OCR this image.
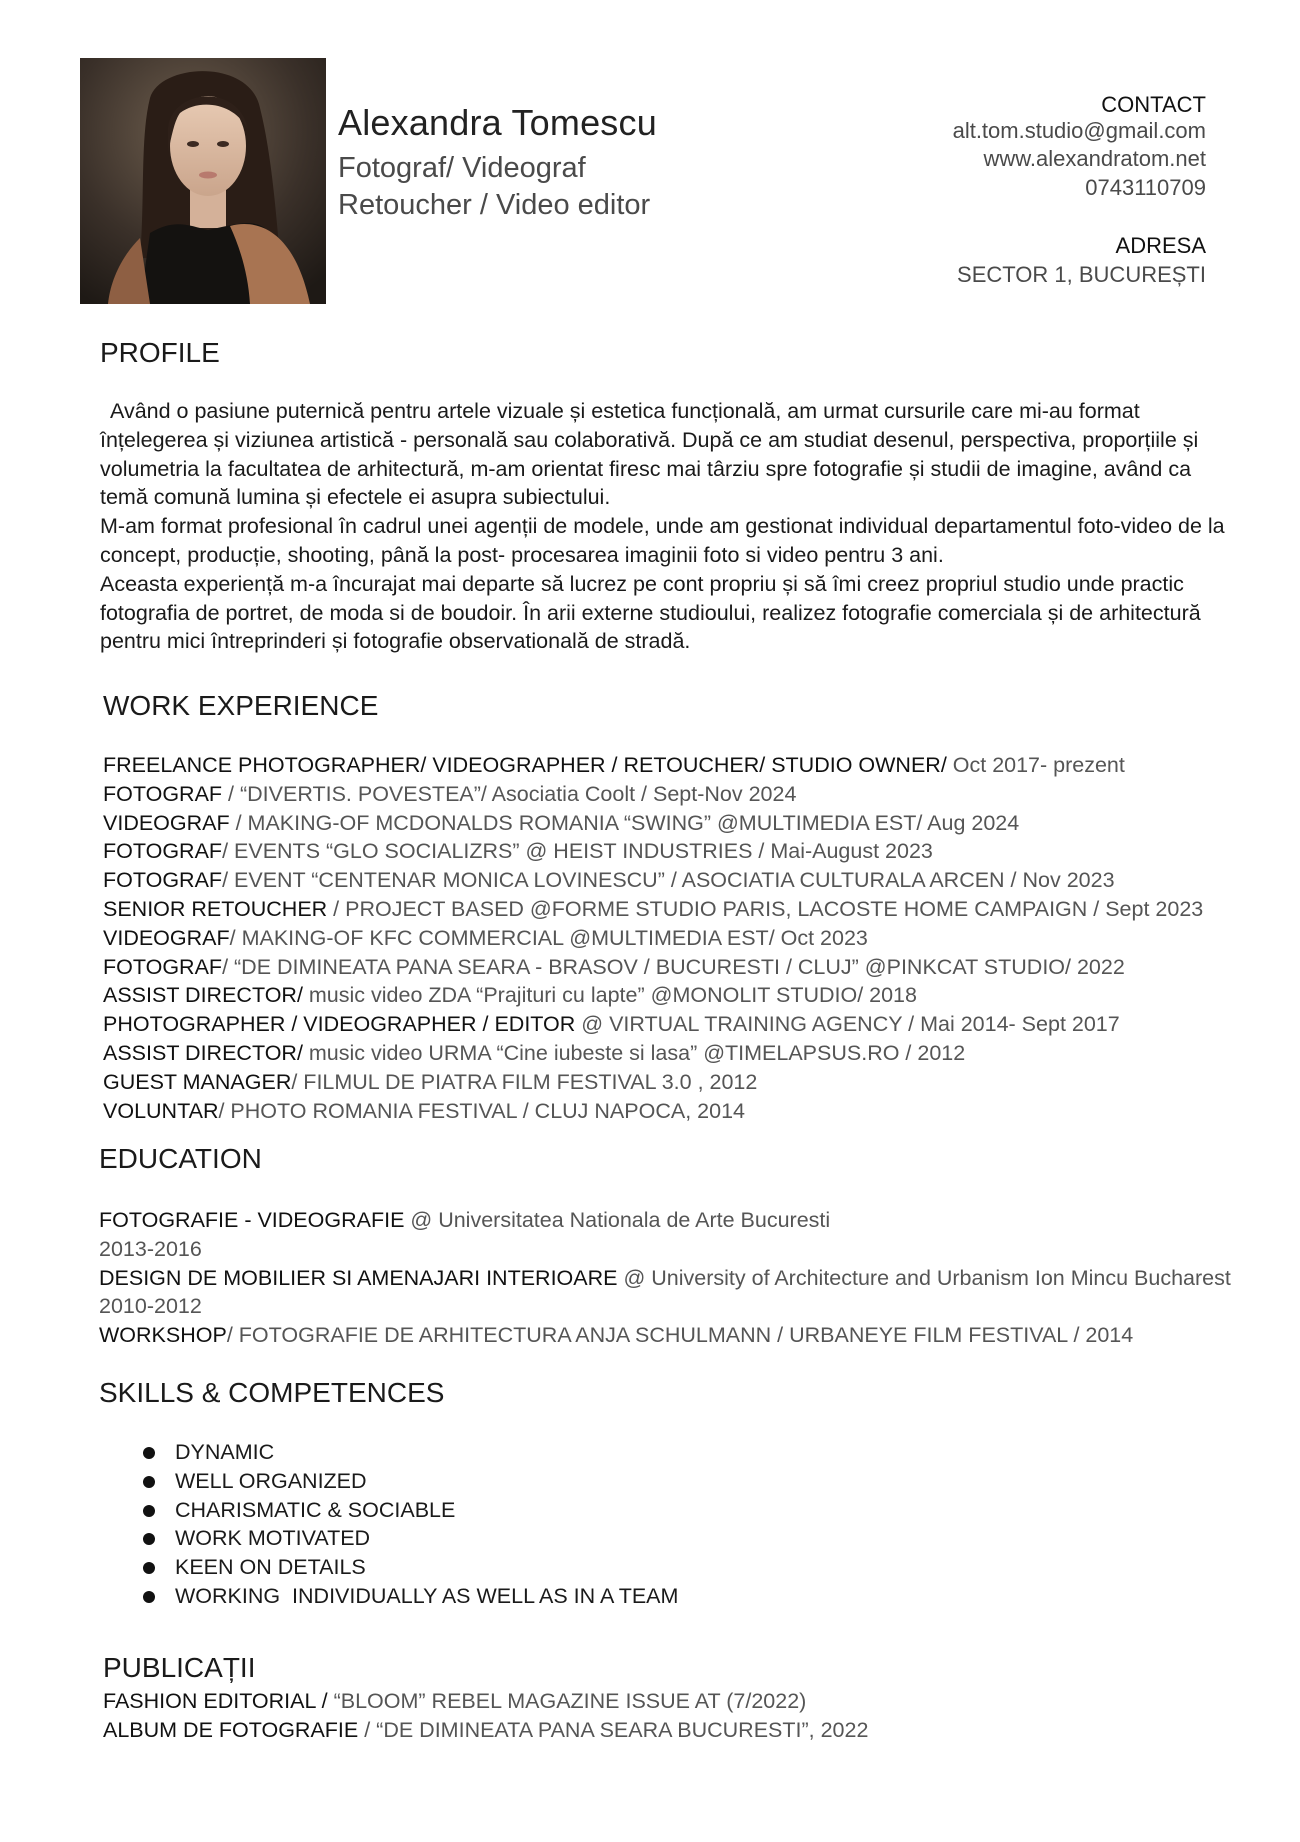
Alexandra Tomescu
Fotograf/ Videograf
Retoucher / Video editor
CONTACT
alt.tom.studio@gmail.com
www.alexandratom.net
0743110709
ADRESA
SECTOR 1, BUCUREȘTI
PROFILE

Având o pasiune puternică pentru artele vizuale și estetica funcțională, am urmat cursurile care mi-au format înțelegerea și viziunea artistică - personală sau colaborativă. După ce am studiat desenul, perspectiva, proporțiile și volumetria la facultatea de arhitectură, m-am orientat firesc mai târziu spre fotografie și studii de imagine, având ca temă comună lumina și efectele ei asupra subiectului.

M-am format profesional în cadrul unei agenții de modele, unde am gestionat individual departamentul foto-video de la concept, producție, shooting, până la post- procesarea imaginii foto si video pentru 3 ani.

Aceasta experiență m-a încurajat mai departe să lucrez pe cont propriu și să îmi creez propriul studio unde practic fotografia de portret, de moda si de boudoir. În arii externe studioului, realizez fotografie comerciala și de arhitectură pentru mici întreprinderi și fotografie observatională de stradă.

WORK EXPERIENCE
FREELANCE PHOTOGRAPHER/ VIDEOGRAPHER / RETOUCHER/ STUDIO OWNER/ Oct 2017- prezent
FOTOGRAF / “DIVERTIS. POVESTEA”/ Asociatia Coolt / Sept-Nov 2024
VIDEOGRAF / MAKING-OF MCDONALDS ROMANIA “SWING” @MULTIMEDIA EST/ Aug 2024
FOTOGRAF/ EVENTS “GLO SOCIALIZRS” @ HEIST INDUSTRIES / Mai-August 2023
FOTOGRAF/ EVENT “CENTENAR MONICA LOVINESCU” / ASOCIATIA CULTURALA ARCEN / Nov 2023
SENIOR RETOUCHER / PROJECT BASED @FORME STUDIO PARIS, LACOSTE HOME CAMPAIGN / Sept 2023
VIDEOGRAF/ MAKING-OF KFC COMMERCIAL @MULTIMEDIA EST/ Oct 2023
FOTOGRAF/ “DE DIMINEATA PANA SEARA - BRASOV / BUCURESTI / CLUJ” @PINKCAT STUDIO/ 2022
ASSIST DIRECTOR/ music video ZDA “Prajituri cu lapte” @MONOLIT STUDIO/ 2018
PHOTOGRAPHER / VIDEOGRAPHER / EDITOR @ VIRTUAL TRAINING AGENCY / Mai 2014- Sept 2017
ASSIST DIRECTOR/ music video URMA “Cine iubeste si lasa” @TIMELAPSUS.RO / 2012
GUEST MANAGER/ FILMUL DE PIATRA FILM FESTIVAL 3.0 , 2012
VOLUNTAR/ PHOTO ROMANIA FESTIVAL / CLUJ NAPOCA, 2014
EDUCATION
FOTOGRAFIE - VIDEOGRAFIE @ Universitatea Nationala de Arte Bucuresti
2013-2016
DESIGN DE MOBILIER SI AMENAJARI INTERIOARE @ University of Architecture and Urbanism Ion Mincu Bucharest
2010-2012
WORKSHOP/ FOTOGRAFIE DE ARHITECTURA ANJA SCHULMANN / URBANEYE FILM FESTIVAL / 2014
SKILLS & COMPETENCES
DYNAMIC
WELL ORGANIZED
CHARISMATIC & SOCIABLE
WORK MOTIVATED
KEEN ON DETAILS
WORKING  INDIVIDUALLY AS WELL AS IN A TEAM
PUBLICAȚII
FASHION EDITORIAL / “BLOOM” REBEL MAGAZINE ISSUE AT (7/2022)
ALBUM DE FOTOGRAFIE / “DE DIMINEATA PANA SEARA BUCURESTI”, 2022
